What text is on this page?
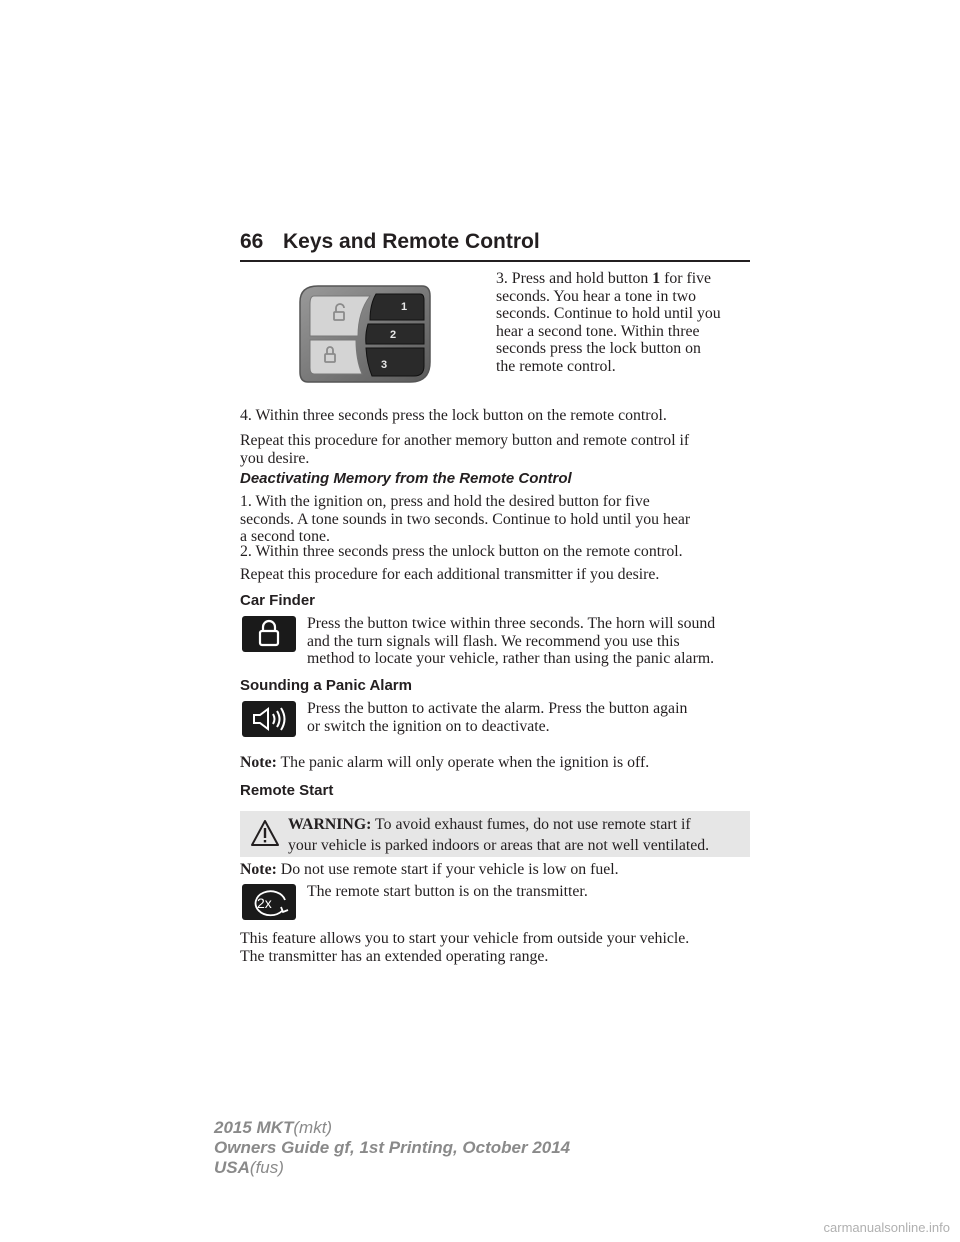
66 Keys and Remote Control
1
2
3
3. Press and hold button 1 for five
seconds. You hear a tone in two
seconds. Continue to hold until you
hear a second tone. Within three
seconds press the lock button on
the remote control.
4. Within three seconds press the lock button on the remote control.
Repeat this procedure for another memory button and remote control if
you desire.
Deactivating Memory from the Remote Control
1. With the ignition on, press and hold the desired button for five
seconds. A tone sounds in two seconds. Continue to hold until you hear
a second tone.
2. Within three seconds press the unlock button on the remote control.
Repeat this procedure for each additional transmitter if you desire.
Car Finder
Press the button twice within three seconds. The horn will sound
and the turn signals will flash. We recommend you use this
method to locate your vehicle, rather than using the panic alarm.
Sounding a Panic Alarm
Press the button to activate the alarm. Press the button again
or switch the ignition on to deactivate.
Note: The panic alarm will only operate when the ignition is off.
Remote Start
WARNING: To avoid exhaust fumes, do not use remote start if
your vehicle is parked indoors or areas that are not well ventilated.
Note: Do not use remote start if your vehicle is low on fuel.
2x
The remote start button is on the transmitter.
This feature allows you to start your vehicle from outside your vehicle.
The transmitter has an extended operating range.
2015 MKT(mkt)
Owners Guide gf, 1st Printing, October 2014
USA(fus)
carmanualsonline.info
